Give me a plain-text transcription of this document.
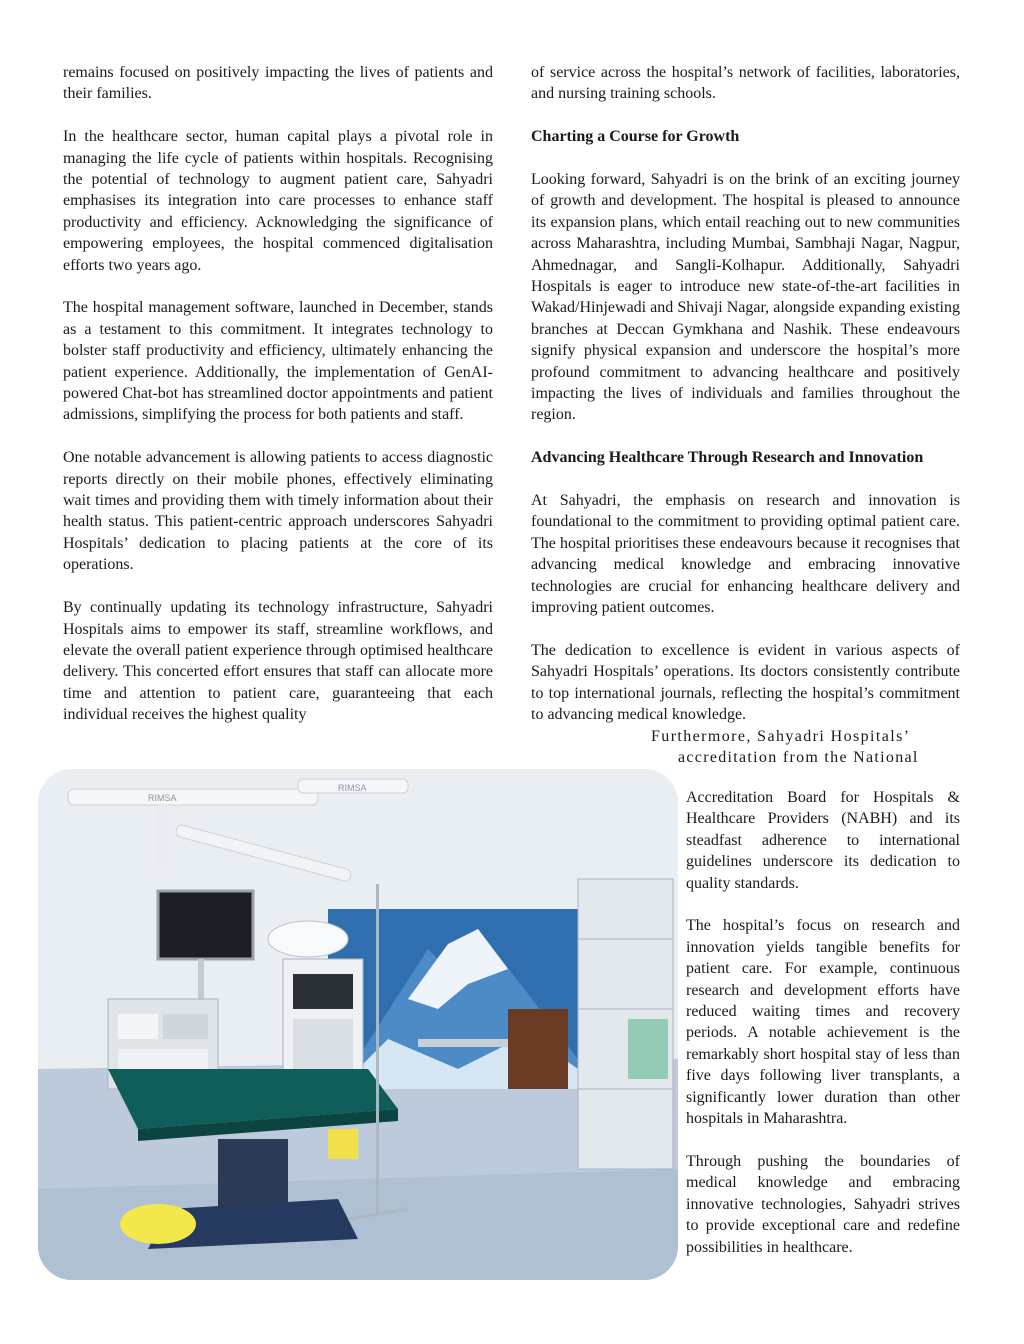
remains focused on positively impacting the lives of patients and their families.

In the healthcare sector, human capital plays a pivotal role in managing the life cycle of patients within hospitals. Recognising the potential of technology to augment patient care, Sahyadri emphasises its integration into care processes to enhance staff productivity and efficiency. Acknowledging the significance of empowering employees, the hospital commenced digitalisation efforts two years ago.

The hospital management software, launched in December, stands as a testament to this commitment. It integrates technology to bolster staff productivity and efficiency, ultimately enhancing the patient experience. Additionally, the implementation of GenAI-powered Chat-bot has streamlined doctor appointments and patient admissions, simplifying the process for both patients and staff.

One notable advancement is allowing patients to access diagnostic reports directly on their mobile phones, effectively eliminating wait times and providing them with timely information about their health status. This patient-centric approach underscores Sahyadri Hospitals’ dedication to placing patients at the core of its operations.

By continually updating its technology infrastructure, Sahyadri Hospitals aims to empower its staff, streamline workflows, and elevate the overall patient experience through optimised healthcare delivery. This concerted effort ensures that staff can allocate more time and attention to patient care, guaranteeing that each individual receives the highest quality

of service across the hospital’s network of facilities, laboratories, and nursing training schools.

Charting a Course for Growth

Looking forward, Sahyadri is on the brink of an exciting journey of growth and development. The hospital is pleased to announce its expansion plans, which entail reaching out to new communities across Maharashtra, including Mumbai, Sambhaji Nagar, Nagpur, Ahmednagar, and Sangli-Kolhapur. Additionally, Sahyadri Hospitals is eager to introduce new state-of-the-art facilities in Wakad/Hinjewadi and Shivaji Nagar, alongside expanding existing branches at Deccan Gymkhana and Nashik. These endeavours signify physical expansion and underscore the hospital’s more profound commitment to advancing healthcare and positively impacting the lives of individuals and families throughout the region.

Advancing Healthcare Through Research and Innovation

At Sahyadri, the emphasis on research and innovation is foundational to the commitment to providing optimal patient care. The hospital prioritises these endeavours because it recognises that advancing medical knowledge and embracing innovative technologies are crucial for enhancing healthcare delivery and improving patient outcomes.

The dedication to excellence is evident in various aspects of Sahyadri Hospitals’ operations. Its doctors consistently contribute to top international journals, reflecting the hospital’s commitment to advancing medical knowledge.

Furthermore, Sahyadri Hospitals’
accreditation from the National

Accreditation Board for Hospitals & Healthcare Providers (NABH) and its steadfast adherence to international guidelines underscore its dedication to quality standards.

The hospital’s focus on research and innovation yields tangible benefits for patient care. For example, continuous research and development efforts have reduced waiting times and recovery periods. A notable achievement is the remarkably short hospital stay of less than five days following liver transplants, a significantly lower duration than other hospitals in Maharashtra.

Through pushing the boundaries of medical knowledge and embracing innovative technologies, Sahyadri strives to provide exceptional care and redefine possibilities in healthcare.

RIMSA
RIMSA
